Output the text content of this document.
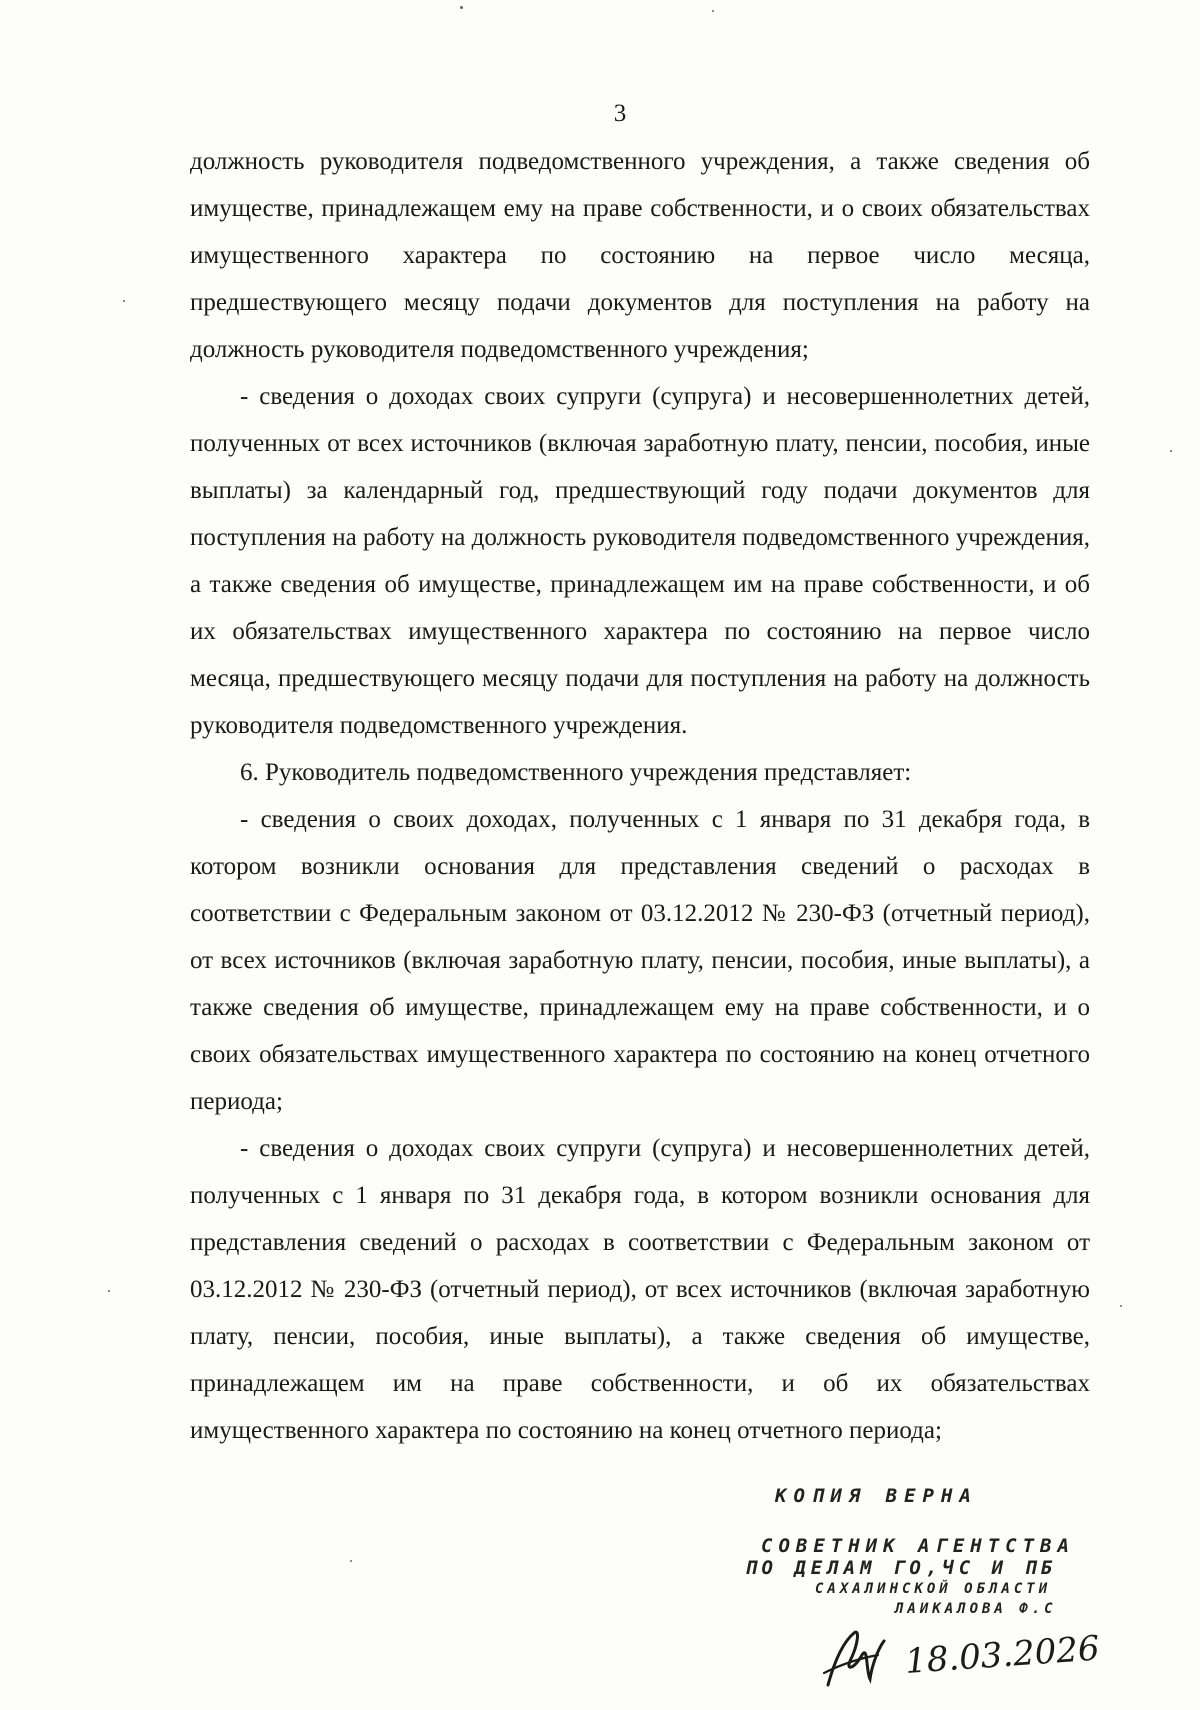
3

должность руководителя подведомственного учреждения, а также сведения об имуществе, принадлежащем ему на праве собственности, и о своих обязательствах имущественного характера по состоянию на первое число месяца, предшествующего месяцу подачи документов для поступления на работу на должность руководителя подведомственного учреждения;

- сведения о доходах своих супруги (супруга) и несовершеннолетних детей, полученных от всех источников (включая заработную плату, пенсии, пособия, иные выплаты) за календарный год, предшествующий году подачи документов для поступления на работу на должность руководителя подведомственного учреждения, а также сведения об имуществе, принадлежащем им на праве собственности, и об их обязательствах имущественного характера по состоянию на первое число месяца, предшествующего месяцу подачи для поступления на работу на должность руководителя подведомственного учреждения.

6. Руководитель подведомственного учреждения представляет:

- сведения о своих доходах, полученных с 1 января по 31 декабря года, в котором возникли основания для представления сведений о расходах в соответствии с Федеральным законом от 03.12.2012 № 230-ФЗ (отчетный период), от всех источников (включая заработную плату, пенсии, пособия, иные выплаты), а также сведения об имуществе, принадлежащем ему на праве собственности, и о своих обязательствах имущественного характера по состоянию на конец отчетного периода;

- сведения о доходах своих супруги (супруга) и несовершеннолетних детей, полученных с 1 января по 31 декабря года, в котором возникли основания для представления сведений о расходах в соответствии с Федеральным законом от 03.12.2012 № 230-ФЗ (отчетный период), от всех источников (включая заработную плату, пенсии, пособия, иные выплаты), а также сведения об имуществе, принадлежащем им на праве собственности, и об их обязательствах имущественного характера по состоянию на конец отчетного периода;

КОПИЯ ВЕРНА
СОВЕТНИК АГЕНТСТВА
ПО ДЕЛАМ ГО,ЧС И ПБ
САХАЛИНСКОЙ ОБЛАСТИ
ЛАИКАЛОВА Ф.С
18.03.2026
